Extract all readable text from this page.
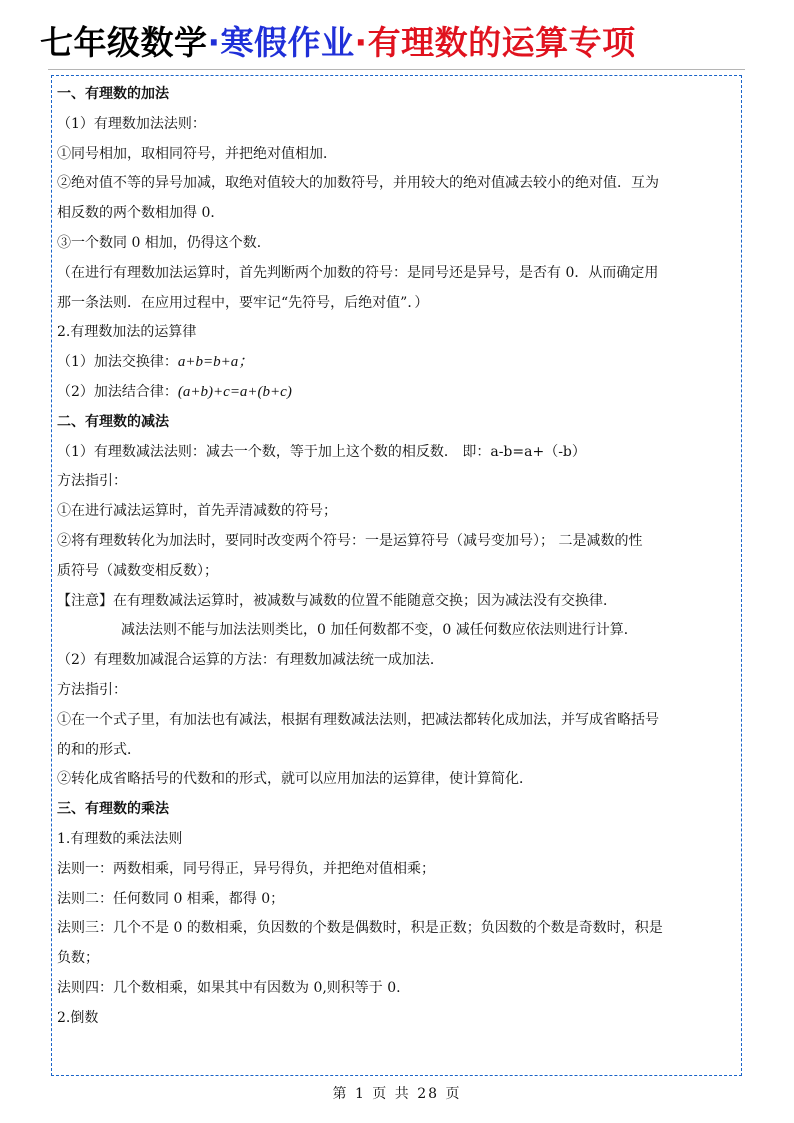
七年级数学·寒假作业·有理数的运算专项
一、有理数的加法
（1）有理数加法法则：
①同号相加，取相同符号，并把绝对值相加．
②绝对值不等的异号加减，取绝对值较大的加数符号，并用较大的绝对值减去较小的绝对值．互为
相反数的两个数相加得 0．
③一个数同 0 相加，仍得这个数．
（在进行有理数加法运算时，首先判断两个加数的符号：是同号还是异号，是否有 0．从而确定用
那一条法则．在应用过程中，要牢记“先符号，后绝对值”．）
2.有理数加法的运算律
（1）加法交换律：a+b=b+a；
（2）加法结合律：(a+b)+c=a+(b+c)
二、有理数的减法
（1）有理数减法法则：减去一个数，等于加上这个数的相反数． 即：a-b=a+（-b）
方法指引：
①在进行减法运算时，首先弄清减数的符号；
②将有理数转化为加法时，要同时改变两个符号：一是运算符号（减号变加号）； 二是减数的性
质符号（减数变相反数）；
【注意】在有理数减法运算时，被减数与减数的位置不能随意交换；因为减法没有交换律．
减法法则不能与加法法则类比，0 加任何数都不变，0 减任何数应依法则进行计算．
（2）有理数加减混合运算的方法：有理数加减法统一成加法．
方法指引：
①在一个式子里，有加法也有减法，根据有理数减法法则，把减法都转化成加法，并写成省略括号
的和的形式．
②转化成省略括号的代数和的形式，就可以应用加法的运算律，使计算简化．
三、有理数的乘法
1.有理数的乘法法则
法则一：两数相乘，同号得正，异号得负，并把绝对值相乘；
法则二：任何数同 0 相乘，都得 0；
法则三：几个不是 0 的数相乘，负因数的个数是偶数时，积是正数；负因数的个数是奇数时，积是
负数；
法则四：几个数相乘，如果其中有因数为 0,则积等于 0.
2.倒数
第 1 页 共 28 页
